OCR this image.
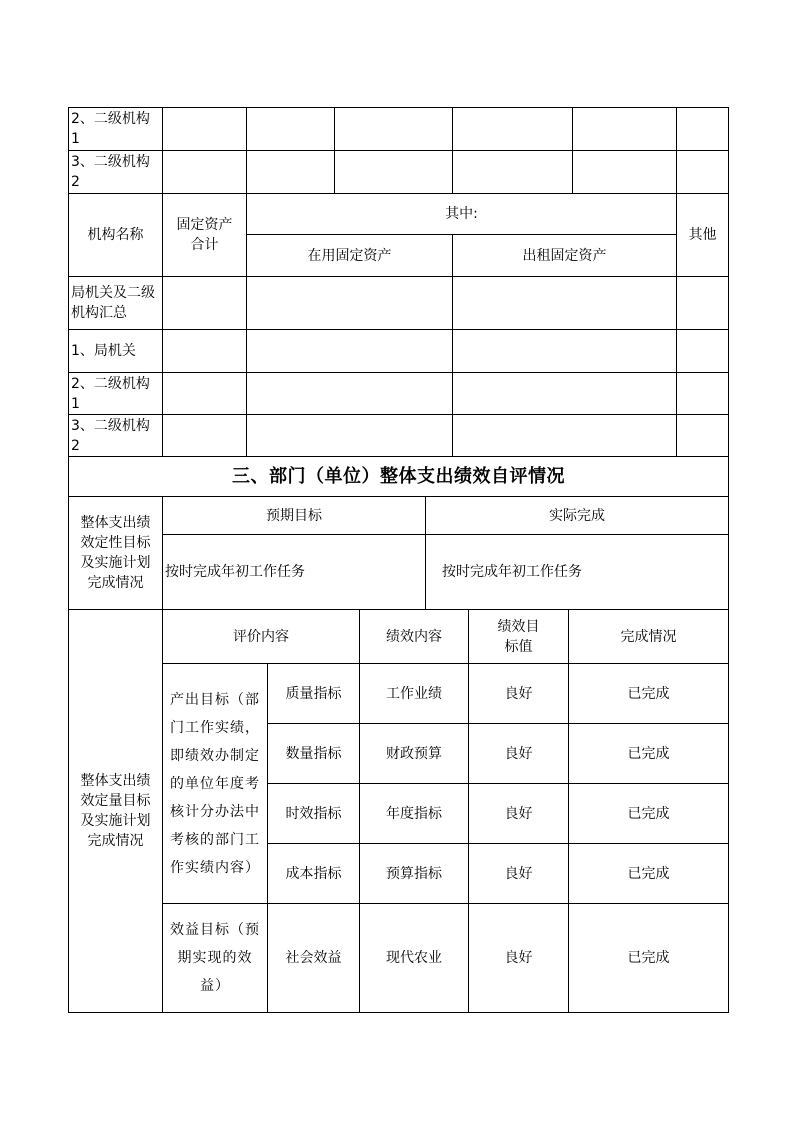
2、二级机构 1						
3、二级机构 2						
机构名称	固定资产合计	其中:		其他
		在用固定资产	出租固定资产	
局机关及二级机构汇总				
1、局机关				
2、二级机构 1				
3、二级机构 2				
三、部门（单位）整体支出绩效自评情况		
整体支出绩效定性目标及实施计划完成情况	预期目标	实际完成
	按时完成年初工作任务	按时完成年初工作任务
整体支出绩效定量目标及实施计划完成情况	评价内容		绩效内容	绩效目标值	完成情况
	产出目标（部门工作实绩，即绩效办制定的单位年度考核计分办法中考核的部门工作实绩内容）	质量指标	工作业绩	良好	已完成
		数量指标	财政预算	良好	已完成
		时效指标	年度指标	良好	已完成
		成本指标	预算指标	良好	已完成
	效益目标（预期实现的效益）	社会效益	现代农业	良好	已完成
